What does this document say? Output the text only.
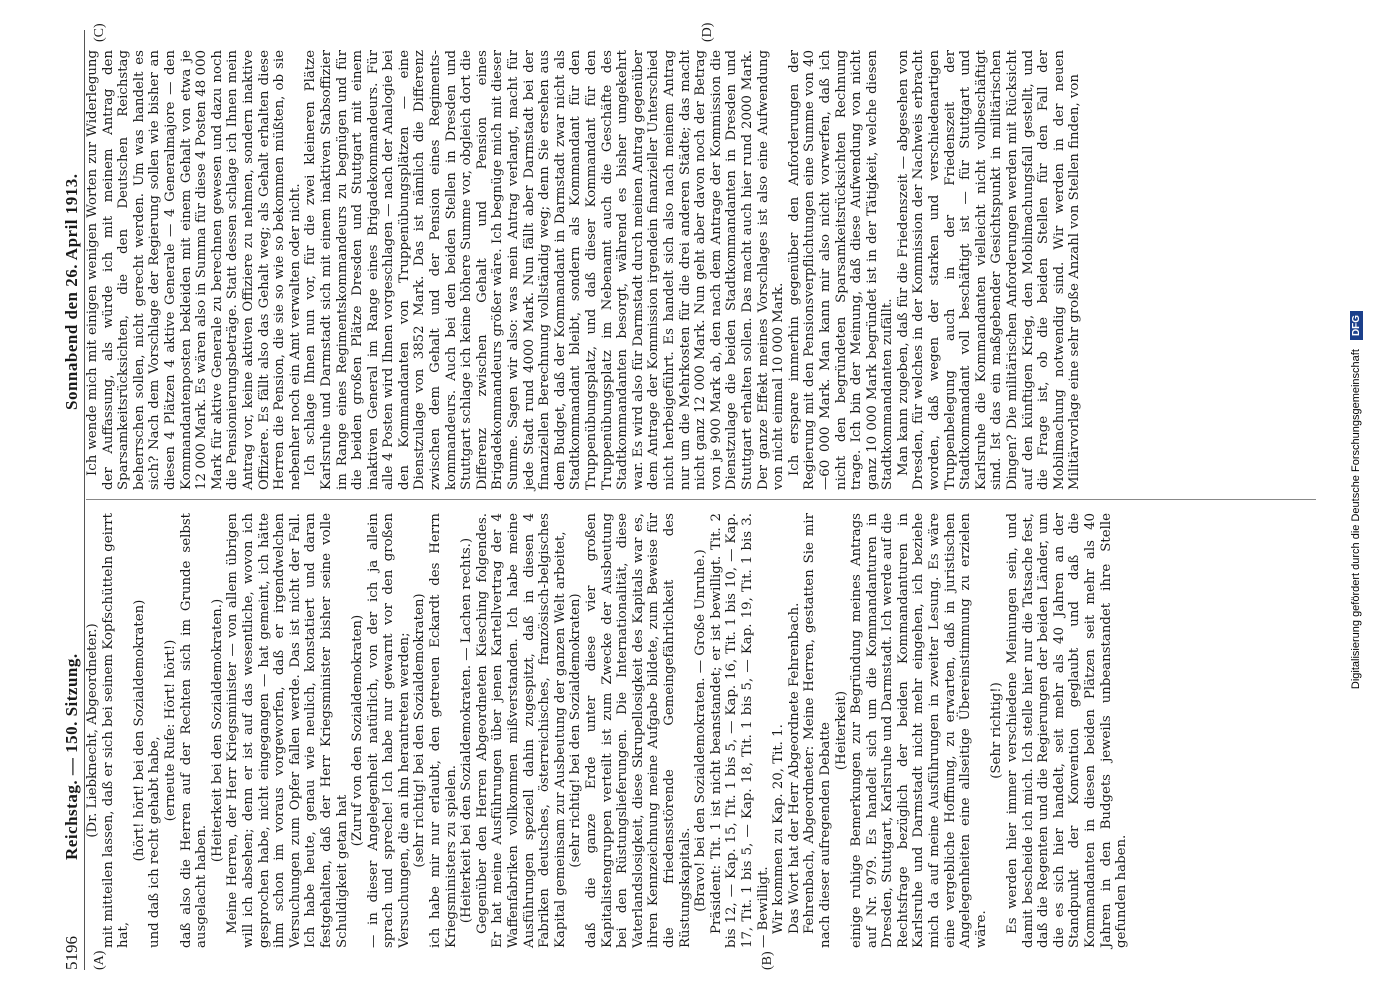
5196
Reichstag. — 150. Sitzung.
Sonnabend den 26. April 1913.
(A)	(B)
(C)	(D)

(Dr. Liebknecht, Abgeordneter.) mit mitteilen lassen, daß er sich bei seinem Kopfschütteln geirrt hat,

(hört! hört! bei den Sozialdemokraten) und daß ich recht gehabt habe,

(erneute Rufe: Hört! hört!) daß also die Herren auf der Rechten sich im Grunde selbst ausgelacht haben.

(Heiterkeit bei den Sozialdemokraten.) Meine Herren, der Herr Kriegsminister — von allem übrigen will ich absehen; denn er ist auf das wesentliche, wovon ich gesprochen habe, nicht eingegangen — hat gemeint, ich hätte ihm schon im voraus vorgeworfen, daß er irgendwelchen Versuchungen zum Opfer fallen werde. Das ist nicht der Fall. Ich habe heute, genau wie neulich, konstatiert und daran festgehalten, daß der Herr Kriegsminister bisher seine volle Schuldigkeit getan hat

(Zuruf von den Sozialdemokraten) — in dieser Angelegenheit natürlich, von der ich ja allein sprach und spreche! Ich habe nur gewarnt vor den großen Versuchungen, die an ihn herantreten werden; (sehr richtig! bei den Sozialdemokraten) ich habe mir nur erlaubt, den getreuen Eckardt des Herrn Kriegsministers zu spielen. (Heiterkeit bei den Sozialdemokraten. — Lachen rechts.) Gegenüber den Herren Abgeordneten Kiesching folgendes. Er hat meine Ausführungen über jenen Kartellvertrag der 4 Waffenfabriken vollkommen mißverstanden. Ich habe meine Ausführungen speziell dahin zugespitzt, daß in diesen 4 Fabriken deutsches, österreichisches, französisch-belgisches Kapital gemeinsam zur Ausbeutung der ganzen Welt arbeitet, (sehr richtig! bei den Sozialdemokraten) daß die ganze Erde unter diese vier großen Kapitalistengruppen verteilt ist zum Zwecke der Ausbeutung bei den Rüstungslieferungen. Die Internationalität, diese Vaterlandslosigkeit, diese Skrupellosigkeit des Kapitals war es, ihren Kennzeichnung meine Aufgabe bildete, zum Beweise für die friedensstörende Gemeingefährlichkeit des Rüstungskapitals. (Bravo! bei den Sozialdemokraten. — Große Unruhe.) Präsident: Tit. 1 ist nicht beanstandet; er ist bewilligt. Tit. 2 bis 12, — Kap. 15, Tit. 1 bis 5, — Kap. 16, Tit. 1 bis 10, — Kap. 17, Tit. 1 bis 5, — Kap. 18, Tit. 1 bis 5, — Kap. 19, Tit. 1 bis 3. — Bewilligt. Wir kommen zu Kap. 20, Tit. 1. Das Wort hat der Herr Abgeordnete Fehrenbach. Fehrenbach, Abgeordneter: Meine Herren, gestatten Sie mir nach dieser aufregenden Debatte (Heiterkeit) einige ruhige Bemerkungen zur Begründung meines Antrags auf Nr. 979. Es handelt sich um die Kommandanturen in Dresden, Stuttgart, Karlsruhe und Darmstadt. Ich werde auf die Rechtsfrage bezüglich der beiden Kommandanturen in Karlsruhe und Darmstadt nicht mehr eingehen, ich beziehe mich da auf meine Ausführungen in zweiter Lesung. Es wäre eine vergebliche Hoffnung, zu erwarten, daß in juristischen Angelegenheiten eine allseitige Übereinstimmung zu erzielen wäre.

(Sehr richtig!) Es werden hier immer verschiedene Meinungen sein, und damit bescheide ich mich. Ich stelle hier nur die Tatsache fest, daß die Regenten und die Regierungen der beiden Länder, um die es sich hier handelt, seit mehr als 40 Jahren an der Standpunkt der Konvention geglaubt und daß die Kommandanten in diesen beiden Plätzen seit mehr als 40 Jahren in den Budgets jeweils unbeanstandet ihre Stelle gefunden haben.

Ich wende mich mit einigen wenigen Worten zur Widerlegung der Auffassung, als würde ich mit meinem Antrag den Sparsamkeitsrücksichten, die den Deutschen Reichstag beherrschen sollen, nicht gerecht werden. Um was handelt es sich? Nach dem Vorschlage der Regierung sollen wie bisher an diesen 4 Plätzen 4 aktive Generale — 4 Generalmajore — den Kommandantenposten bekleiden mit einem Gehalt von etwa je 12 000 Mark. Es wären also in Summa für diese 4 Posten 48 000 Mark für aktive Generale zu berechnen gewesen und dazu noch die Pensionierungsbeträge. Statt dessen schlage ich Ihnen mein Antrag vor, keine aktiven Offiziere zu nehmen, sondern inaktive Offiziere. Es fällt also das Gehalt weg; als Gehalt erhalten diese Herren die Pension, die sie so wie so bekommen müßten, ob sie nebenher noch ein Amt verwalten oder nicht. Ich schlage Ihnen nun vor, für die zwei kleineren Plätze Karlsruhe und Darmstadt sich mit einem inaktiven Stabsoffizier im Range eines Regimentskommandeurs zu begnügen und für die beiden großen Plätze Dresden und Stuttgart mit einem inaktiven General im Range eines Brigadekommandeurs. Für alle 4 Posten wird Ihnen vorgeschlagen — nach der Analogie bei den Kommandanten von Truppenübungsplätzen — eine Dienstzulage von 3852 Mark. Das ist nämlich die Differenz zwischen dem Gehalt und der Pension eines Regiments- kommandeurs. Auch bei den beiden Stellen in Dresden und Stuttgart schlage ich keine höhere Summe vor, obgleich dort die Differenz zwischen Gehalt und Pension eines Brigadekommandeurs größer wäre. Ich begnüge mich mit dieser Summe. Sagen wir also: was mein Antrag verlangt, macht für jede Stadt rund 4000 Mark. Nun fällt aber Darmstadt bei der finanziellen Berechnung vollständig weg; denn Sie ersehen aus dem Budget, daß der Kommandant in Darmstadt zwar nicht als Stadtkommandant bleibt, sondern als Kommandant für den Truppenübungsplatz, und daß dieser Kommandant für den Truppenübungsplatz im Nebenamt auch die Geschäfte des Stadtkommandanten besorgt, während es bisher umgekehrt war. Es wird also für Darmstadt durch meinen Antrag gegenüber dem Antrage der Kommission irgendein finanzieller Unterschied nicht herbeigeführt. Es handelt sich also nach meinem Antrag nur um die Mehrkosten für die drei anderen Städte; das macht nicht ganz 12 000 Mark. Nun geht aber davon noch der Betrag von je 900 Mark ab, den nach dem Antrage der Kommission die Dienstzulage die beiden Stadtkommandanten in Dresden und Stuttgart erhalten sollen. Das macht auch hier rund 2000 Mark. Der ganze Effekt meines Vorschlages ist also eine Aufwendung von nicht einmal 10 000 Mark. Ich erspare immerhin gegenüber den Anforderungen der Regierung mit den Pensionsverpflichtungen eine Summe von 40—60 000 Mark. Man kann mir also nicht vorwerfen, daß ich nicht den begründeten Sparsamkeitsrücksichten Rechnung trage. Ich bin der Meinung, daß diese Aufwendung von nicht ganz 10 000 Mark begründet ist in der Tätigkeit, welche diesen Stadtkommandanten zufällt. Man kann zugeben, daß für die Friedenszeit — abgesehen von Dresden, für welches in der Kommission der Nachweis erbracht worden, daß wegen der starken und verschiedenartigen Truppenbelegung auch in der Friedenszeit der Stadtkommandant voll beschäftigt ist — für Stuttgart und Karlsruhe die Kommandanten vielleicht nicht vollbeschäftigt sind. Ist das ein maßgebender Gesichtspunkt in militärischen Dingen? Die militärischen Anforderungen werden mit Rücksicht auf den künftigen Krieg, den Mobilmachungsfall gestellt, und die Frage ist, ob die beiden Stellen für den Fall der Mobilmachung notwendig sind. Wir werden in der neuen Militärvorlage eine sehr große Anzahl von Stellen finden, von

Digitalisierung gefördert durch die Deutsche Forschungsgemeinschaft DFG
